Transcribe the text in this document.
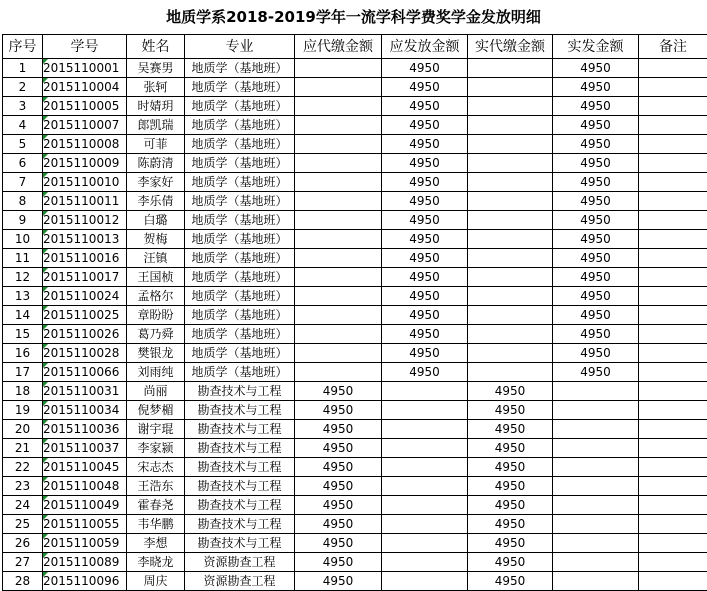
地质学系2018-2019学年一流学科学费奖学金发放明细
序号	学号	姓名	专业	应代缴金额	应发放金额	实代缴金额	实发金额	备注
1	2015110001	吴赛男	地质学（基地班）		4950		4950	
2	2015110004	张轲	地质学（基地班）		4950		4950	
3	2015110005	时婧玥	地质学（基地班）		4950		4950	
4	2015110007	郎凯瑞	地质学（基地班）		4950		4950	
5	2015110008	可菲	地质学（基地班）		4950		4950	
6	2015110009	陈蔚清	地质学（基地班）		4950		4950	
7	2015110010	李家好	地质学（基地班）		4950		4950	
8	2015110011	李乐倩	地质学（基地班）		4950		4950	
9	2015110012	白璐	地质学（基地班）		4950		4950	
10	2015110013	贺梅	地质学（基地班）		4950		4950	
11	2015110016	汪镇	地质学（基地班）		4950		4950	
12	2015110017	王国桢	地质学（基地班）		4950		4950	
13	2015110024	孟格尔	地质学（基地班）		4950		4950	
14	2015110025	章盼盼	地质学（基地班）		4950		4950	
15	2015110026	葛乃舜	地质学（基地班）		4950		4950	
16	2015110028	樊银龙	地质学（基地班）		4950		4950	
17	2015110066	刘雨纯	地质学（基地班）		4950		4950	
18	2015110031	尚丽	勘查技术与工程	4950		4950		
19	2015110034	倪梦楣	勘查技术与工程	4950		4950		
20	2015110036	谢宇琨	勘查技术与工程	4950		4950		
21	2015110037	李家颍	勘查技术与工程	4950		4950		
22	2015110045	宋志杰	勘查技术与工程	4950		4950		
23	2015110048	王浩东	勘查技术与工程	4950		4950		
24	2015110049	霍春尧	勘查技术与工程	4950		4950		
25	2015110055	韦华鹏	勘查技术与工程	4950		4950		
26	2015110059	李想	勘查技术与工程	4950		4950		
27	2015110089	李晓龙	资源勘查工程	4950		4950		
28	2015110096	周庆	资源勘查工程	4950		4950		
